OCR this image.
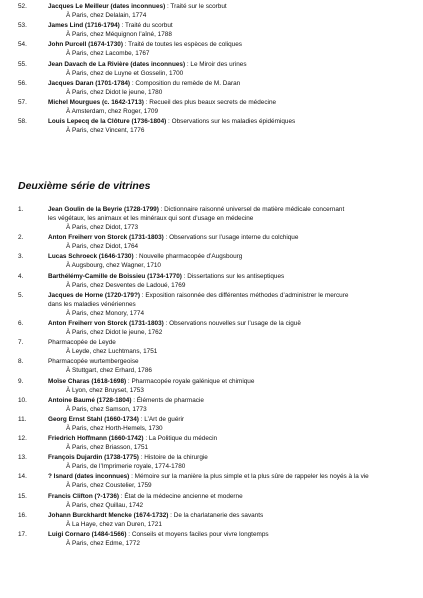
52.	Jacques Le Meilleur (dates inconnues) : Traité sur le scorbut
À Paris, chez Delalain, 1774
53.	James Lind (1716-1794) : Traité du scorbut
À Paris, chez Méquignon l’aîné, 1788
54.	John Purcell (1674-1730) : Traité de toutes les espèces de coliques
À Paris, chez Lacombe, 1767
55.	Jean Davach de La Rivière (dates inconnues) : Le Miroir des urines
À Paris, chez de Luyne et Gosselin, 1700
56.	Jacques Daran (1701-1784) : Composition du remède de M. Daran
À Paris, chez Didot le jeune, 1780
57.	Michel Mourgues (c. 1642-1713) : Recueil des plus beaux secrets de médecine
À Amsterdam, chez Roger, 1709
58.	Louis Lepecq de la Clôture (1736-1804) : Observations sur les maladies épidémiques
À Paris, chez Vincent, 1776
Deuxième série de vitrines
1.	Jean Goulin de la Beyrie (1728-1799) : Dictionnaire raisonné universel de matière médicale concernant
les végétaux, les animaux et les minéraux qui sont d’usage en médecine
À Paris, chez Didot, 1773
2.	Anton Freiherr von Storck (1731-1803) : Observations sur l’usage interne du colchique
À Paris, chez Didot, 1764
3.	Lucas Schroeck (1646-1730) : Nouvelle pharmacopée d’Augsbourg
À Augsbourg, chez Wagner, 1710
4.	Barthélémy-Camille de Boissieu (1734-1770) : Dissertations sur les antiseptiques
À Paris, chez Desventes de Ladoué, 1769
5.	Jacques de Horne (1720-179?) : Exposition raisonnée des différentes méthodes d’administrer le mercure
dans les maladies vénériennes
À Paris, chez Monory, 1774
6.	Anton Freiherr von Storck (1731-1803) : Observations nouvelles sur l’usage de la ciguë
À Paris, chez Didot le jeune, 1762
7.	Pharmacopée de Leyde
À Leyde, chez Luchtmans, 1751
8.	Pharmacopée wurtembergeoise
À Stuttgart, chez Erhard, 1786
9.	Moïse Charas (1618-1698) : Pharmacopée royale galénique et chimique
À Lyon, chez Bruyset, 1753
10.	Antoine Baumé (1728-1804) : Éléments de pharmacie
À Paris, chez Samson, 1773
11.	Georg Ernst Stahl (1660-1734) : L’Art de guérir
À Paris, chez Horth-Hemels, 1730
12.	Friedrich Hoffmann (1660-1742) : La Politique du médecin
À Paris, chez Briasson, 1751
13.	François Dujardin (1738-1775) : Histoire de la chirurgie
À Paris, de l’Imprimerie royale, 1774-1780
14.	? Isnard (dates inconnues) : Mémoire sur la manière la plus simple et la plus sûre de rappeler les noyés à la vie
À Paris, chez Coustelier, 1759
15.	Francis Clifton (?-1736) : État de la médecine ancienne et moderne
À Paris, chez Quillau, 1742
16.	Johann Burckhardt Mencke (1674-1732) : De la charlatanerie des savants
À La Haye, chez van Duren, 1721
17.	Luigi Cornaro (1484-1566) : Conseils et moyens faciles pour vivre longtemps
À Paris, chez Edme, 1772
